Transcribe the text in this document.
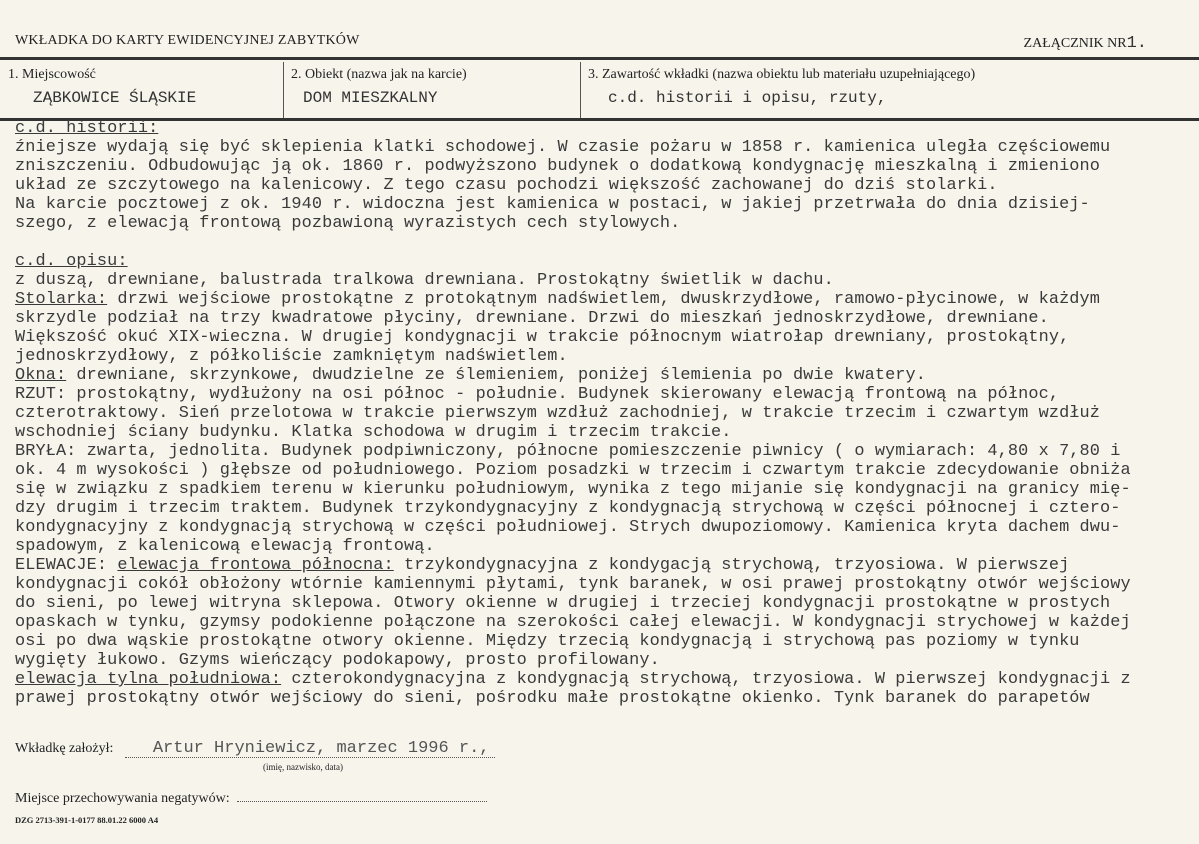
WKŁADKA DO KARTY EWIDENCYJNEJ ZABYTKÓW	ZAŁĄCZNIK NR1.
1. Miejscowość
ZĄBKOWICE ŚLĄSKIE
2. Obiekt (nazwa jak na karcie)
DOM MIESZKALNY
3. Zawartość wkładki (nazwa obiektu lub materiału uzupełniającego)
c.d. historii i opisu, rzuty,
c.d. historii:
źniejsze wydają się być sklepienia klatki schodowej. W czasie pożaru w 1858 r. kamienica uległa częściowemu
zniszczeniu. Odbudowując ją ok. 1860 r. podwyższono budynek o dodatkową kondygnację mieszkalną i zmieniono
układ ze szczytowego na kalenicowy. Z tego czasu pochodzi większość zachowanej do dziś stolarki.
Na karcie pocztowej z ok. 1940 r. widoczna jest kamienica w postaci, w jakiej przetrwała do dnia dzisiej-
szego, z elewacją frontową pozbawioną wyrazistych cech stylowych.
c.d. opisu:
z duszą, drewniane, balustrada tralkowa drewniana. Prostokątny świetlik w dachu.
Stolarka: drzwi wejściowe prostokątne z protokątnym nadświetlem, dwuskrzydłowe, ramowo-płycinowe, w każdym
skrzydle podział na trzy kwadratowe płyciny, drewniane. Drzwi do mieszkań jednoskrzydłowe, drewniane.
Większość okuć XIX-wieczna. W drugiej kondygnacji w trakcie północnym wiatrołap drewniany, prostokątny,
jednoskrzydłowy, z półkoliście zamkniętym nadświetlem.
Okna: drewniane, skrzynkowe, dwudzielne ze ślemieniem, poniżej ślemienia po dwie kwatery.
RZUT: prostokątny, wydłużony na osi północ - południe. Budynek skierowany elewacją frontową na północ,
czterotraktowy. Sień przelotowa w trakcie pierwszym wzdłuż zachodniej, w trakcie trzecim i czwartym wzdłuż
wschodniej ściany budynku. Klatka schodowa w drugim i trzecim trakcie.
BRYŁA: zwarta, jednolita. Budynek podpiwniczony, północne pomieszczenie piwnicy ( o wymiarach: 4,80 x 7,80 i
ok. 4 m wysokości ) głębsze od południowego. Poziom posadzki w trzecim i czwartym trakcie zdecydowanie obniża
się w związku z spadkiem terenu w kierunku południowym, wynika z tego mijanie się kondygnacji na granicy mię-
dzy drugim i trzecim traktem. Budynek trzykondygnacyjny z kondygnacją strychową w części północnej i cztero-
kondygnacyjny z kondygnacją strychową w części południowej. Strych dwupoziomowy. Kamienica kryta dachem dwu-
spadowym, z kalenicową elewacją frontową.
ELEWACJE: elewacja frontowa północna: trzykondygnacyjna z kondygacją strychową, trzyosiowa. W pierwszej
kondygnacji cokół obłożony wtórnie kamiennymi płytami, tynk baranek, w osi prawej prostokątny otwór wejściowy
do sieni, po lewej witryna sklepowa. Otwory okienne w drugiej i trzeciej kondygnacji prostokątne w prostych
opaskach w tynku, gzymsy podokienne połączone na szerokości całej elewacji. W kondygnacji strychowej w każdej
osi po dwa wąskie prostokątne otwory okienne. Między trzecią kondygnacją i strychową pas poziomy w tynku
wygięty łukowo. Gzyms wieńczący podokapowy, prosto profilowany.
elewacja tylna południowa: czterokondygnacyjna z kondygnacją strychową, trzyosiowa. W pierwszej kondygnacji z
prawej prostokątny otwór wejściowy do sieni, pośrodku małe prostokątne okienko. Tynk baranek do parapetów
Wkładkę założył: Artur Hryniewicz, marzec 1996 r.,
(imię, nazwisko, data)
Miejsce przechowywania negatywów:
DZG 2713-391-1-0177 88.01.22 6000 A4
